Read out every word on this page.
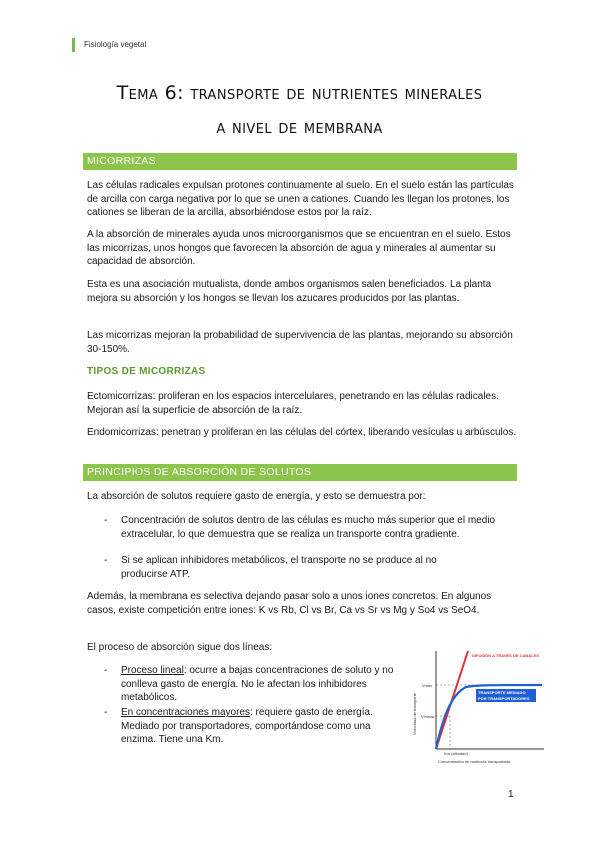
Fisiología vegetal
Tema 6: transporte de nutrientes minerales
a nivel de membrana
MICORRIZAS

Las células radicales expulsan protones continuamente al suelo. En el suelo están las partículas de arcilla con carga negativa por lo que se unen a cationes. Cuando les llegan los protones, los cationes se liberan de la arcilla, absorbiéndose estos por la raíz.

A la absorción de minerales ayuda unos microorganismos que se encuentran en el suelo. Estos las micorrizas, unos hongos que favorecen la absorción de agua y minerales al aumentar su capacidad de absorción.

Esta es una asociación mutualista, donde ambos organismos salen beneficiados. La planta mejora su absorción y los hongos se llevan los azucares producidos por las plantas.

Las micorrizas mejoran la probabilidad de supervivencia de las plantas, mejorando su absorción 30-150%.

TIPOS DE MICORRIZAS

Ectomicorrizas: proliferan en los espacios intercelulares, penetrando en las células radicales. Mejoran así la superficie de absorción de la raíz.

Endomicorrizas: penetran y proliferan en las células del córtex, liberando vesículas u arbúsculos.

PRINCIPIOS DE ABSORCIÓN DE SOLUTOS

La absorción de solutos requiere gasto de energía, y esto se demuestra por:

- Concentración de solutos dentro de las células es mucho más superior que el medio extracelular, lo que demuestra que se realiza un transporte contra gradiente.

- Si se aplican inhibidores metabólicos, el transporte no se produce al no producirse ATP.

Además, la membrana es selectiva dejando pasar solo a unos iones concretos. En algunos casos, existe competición entre iones: K vs Rb, Cl vs Br, Ca vs Sr vs Mg y So4 vs SeO4.

El proceso de absorción sigue dos líneas:

- Proceso lineal: ocurre a bajas concentraciones de soluto y no conlleva gasto de energía. No le afectan los inhibidores metabólicos.

- En concentraciones mayores: requiere gasto de energía. Mediado por transportadores, comportándose como una enzima. Tiene una Km.

DIFUSIÓN A TRAVÉS DE CANALES
TRANSPORTE MEDIADO
POR TRANSPORTADORES
Vmax
V½max
Km (afinidad)
Concentración de molécula transportada
Velocidad de transporte
1
